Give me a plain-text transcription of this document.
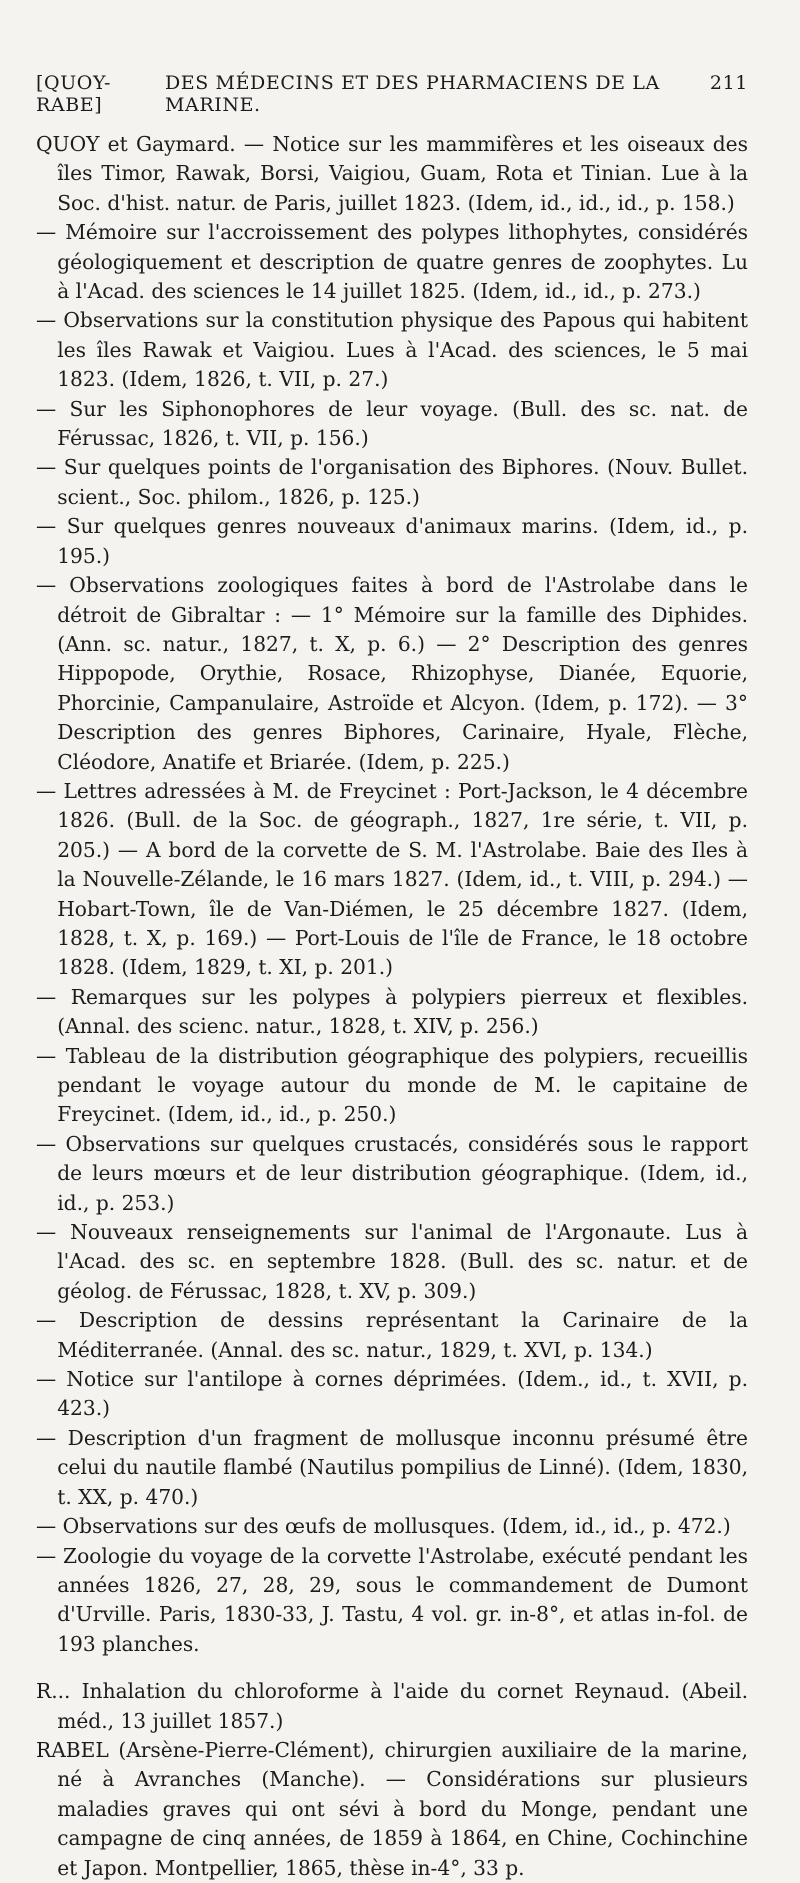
[QUOY-RABE]
DES MÉDECINS ET DES PHARMACIENS DE LA MARINE.
211

QUOY et Gaymard. — Notice sur les mammifères et les oiseaux des îles Timor, Rawak, Borsi, Vaigiou, Guam, Rota et Tinian. Lue à la Soc. d'hist. natur. de Paris, juillet 1823. (Idem, id., id., id., p. 158.)

— Mémoire sur l'accroissement des polypes lithophytes, considérés géologiquement et description de quatre genres de zoophytes. Lu à l'Acad. des sciences le 14 juillet 1825. (Idem, id., id., p. 273.)

— Observations sur la constitution physique des Papous qui habitent les îles Rawak et Vaigiou. Lues à l'Acad. des sciences, le 5 mai 1823. (Idem, 1826, t. VII, p. 27.)

— Sur les Siphonophores de leur voyage. (Bull. des sc. nat. de Férussac, 1826, t. VII, p. 156.)

— Sur quelques points de l'organisation des Biphores. (Nouv. Bullet. scient., Soc. philom., 1826, p. 125.)

— Sur quelques genres nouveaux d'animaux marins. (Idem, id., p. 195.)

— Observations zoologiques faites à bord de l'Astrolabe dans le détroit de Gibraltar : — 1° Mémoire sur la famille des Diphides. (Ann. sc. natur., 1827, t. X, p. 6.) — 2° Description des genres Hippopode, Orythie, Rosace, Rhizophyse, Dianée, Equorie, Phorcinie, Campanulaire, Astroïde et Alcyon. (Idem, p. 172). — 3° Description des genres Biphores, Carinaire, Hyale, Flèche, Cléodore, Anatife et Briarée. (Idem, p. 225.)

— Lettres adressées à M. de Freycinet : Port-Jackson, le 4 décembre 1826. (Bull. de la Soc. de géograph., 1827, 1re série, t. VII, p. 205.) — A bord de la corvette de S. M. l'Astrolabe. Baie des Iles à la Nouvelle-Zélande, le 16 mars 1827. (Idem, id., t. VIII, p. 294.) — Hobart-Town, île de Van-Diémen, le 25 décembre 1827. (Idem, 1828, t. X, p. 169.) — Port-Louis de l'île de France, le 18 octobre 1828. (Idem, 1829, t. XI, p. 201.)

— Remarques sur les polypes à polypiers pierreux et flexibles. (Annal. des scienc. natur., 1828, t. XIV, p. 256.)

— Tableau de la distribution géographique des polypiers, recueillis pendant le voyage autour du monde de M. le capitaine de Freycinet. (Idem, id., id., p. 250.)

— Observations sur quelques crustacés, considérés sous le rapport de leurs mœurs et de leur distribution géographique. (Idem, id., id., p. 253.)

— Nouveaux renseignements sur l'animal de l'Argonaute. Lus à l'Acad. des sc. en septembre 1828. (Bull. des sc. natur. et de géolog. de Férussac, 1828, t. XV, p. 309.)

— Description de dessins représentant la Carinaire de la Méditerranée. (Annal. des sc. natur., 1829, t. XVI, p. 134.)

— Notice sur l'antilope à cornes déprimées. (Idem., id., t. XVII, p. 423.)

— Description d'un fragment de mollusque inconnu présumé être celui du nautile flambé (Nautilus pompilius de Linné). (Idem, 1830, t. XX, p. 470.)

— Observations sur des œufs de mollusques. (Idem, id., id., p. 472.)

— Zoologie du voyage de la corvette l'Astrolabe, exécuté pendant les années 1826, 27, 28, 29, sous le commandement de Dumont d'Urville. Paris, 1830-33, J. Tastu, 4 vol. gr. in-8°, et atlas in-fol. de 193 planches.

R... Inhalation du chloroforme à l'aide du cornet Reynaud. (Abeil. méd., 13 juillet 1857.)

RABEL (Arsène-Pierre-Clément), chirurgien auxiliaire de la marine, né à Avranches (Manche). — Considérations sur plusieurs maladies graves qui ont sévi à bord du Monge, pendant une campagne de cinq années, de 1859 à 1864, en Chine, Cochinchine et Japon. Montpellier, 1865, thèse in-4°, 33 p.
